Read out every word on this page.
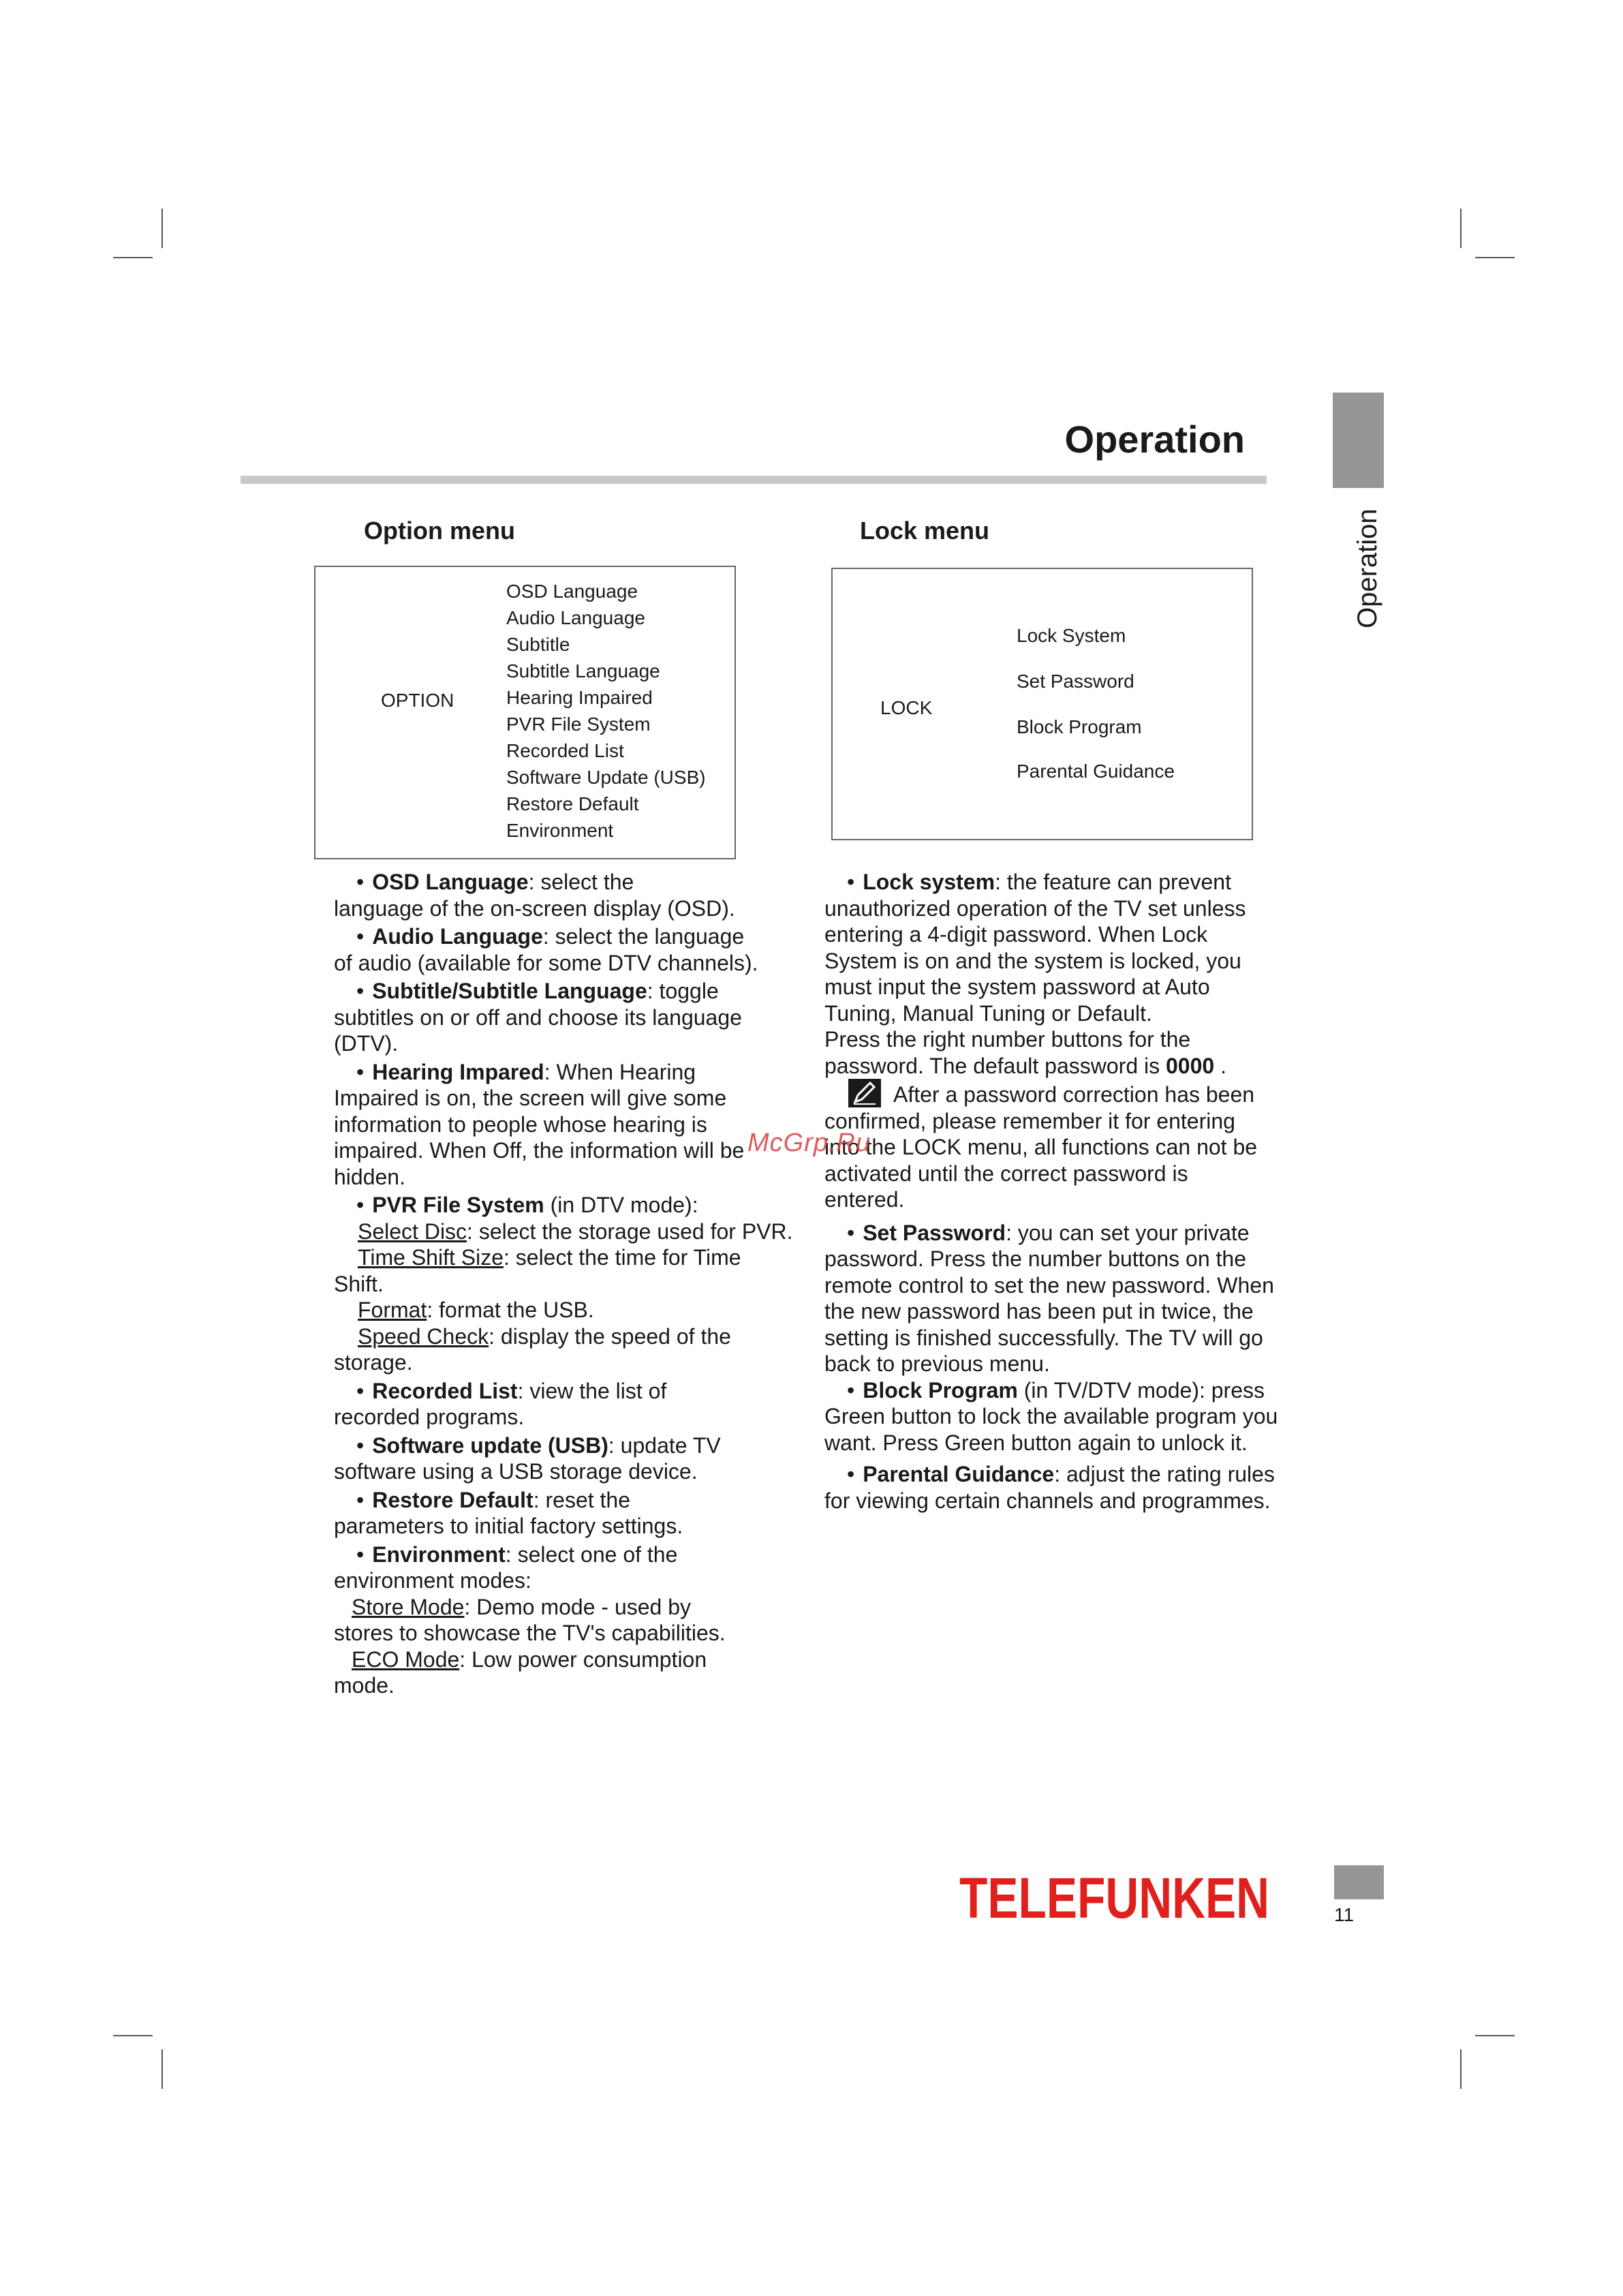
Operation
Operation
Option menu
OPTION
OSD Language
Audio Language
Subtitle
Subtitle Language
Hearing Impaired
PVR File System
Recorded List
Software Update (USB)
Restore Default
Environment
Lock menu
LOCK
Lock System
Set Password
Block Program
Parental Guidance

• OSD Language: select the

language of the on-screen display (OSD).

• Audio Language: select the language

of audio (available for some DTV channels).

• Subtitle/Subtitle Language: toggle

subtitles on or off and choose its language

(DTV).

• Hearing Impared: When Hearing

Impaired is on, the screen will give some

information to people whose hearing is

impaired. When Off, the information will be

hidden.

• PVR File System (in DTV mode):

Select Disc: select the storage used for PVR.

Time Shift Size: select the time for Time

Shift.

Format: format the USB.

Speed Check: display the speed of the

storage.

• Recorded List: view the list of

recorded programs.

• Software update (USB): update TV

software using a USB storage device.

• Restore Default: reset the

parameters to initial factory settings.

• Environment: select one of the

environment modes:

Store Mode: Demo mode - used by

stores to showcase the TV's capabilities.

ECO Mode: Low power consumption

mode.

• Lock system: the feature can prevent

unauthorized operation of the TV set unless

entering a 4-digit password. When Lock

System is on and the system is locked, you

must input the system password at Auto

Tuning, Manual Tuning or Default.

Press the right number buttons for the

password. The default password is 0000 .

After a password correction has been

confirmed, please remember it for entering

into the LOCK menu, all functions can not be

activated until the correct password is

entered.

• Set Password: you can set your private

password. Press the number buttons on the

remote control to set the new password. When

the new password has been put in twice, the

setting is finished successfully. The TV will go

back to previous menu.

• Block Program (in TV/DTV mode): press

Green button to lock the available program you

want. Press Green button again to unlock it.

• Parental Guidance: adjust the rating rules

for viewing certain channels and programmes.

McGrp.Ru
TELEFUNKEN	11
